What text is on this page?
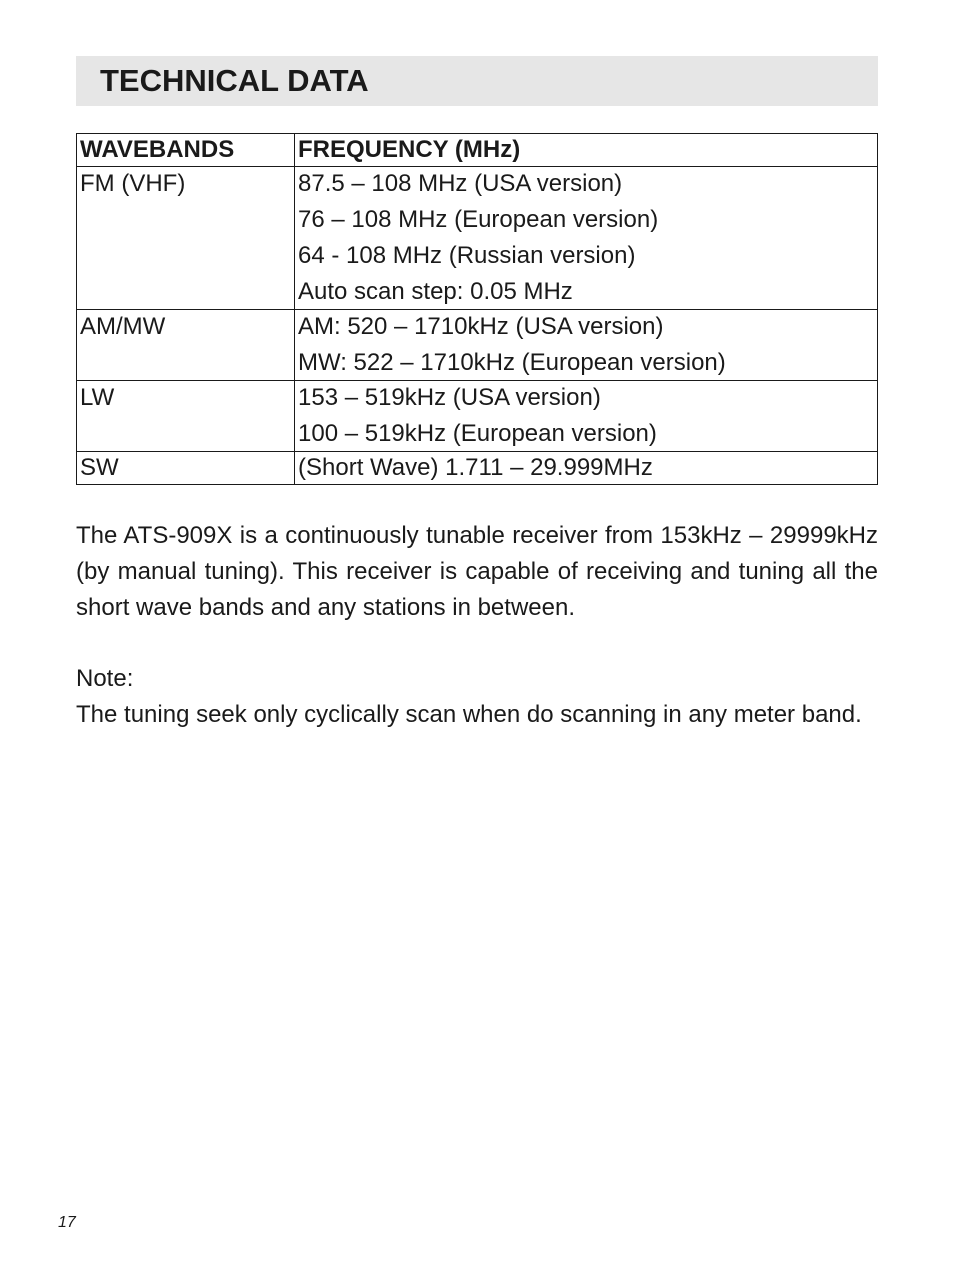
TECHNICAL DATA
WAVEBANDS	FREQUENCY (MHz)

FM (VHF)	87.5 – 108 MHz (USA version)
76 – 108 MHz (European version)
64 - 108 MHz (Russian version)
Auto scan step: 0.05 MHz

AM/MW	AM: 520 – 1710kHz (USA version)
MW: 522 – 1710kHz (European version)

LW	153 – 519kHz (USA version)
100 – 519kHz (European version)

SW	(Short Wave) 1.711 – 29.999MHz

The ATS-909X is a continuously tunable receiver from 153kHz – 29999kHz (by manual tuning). This receiver is capable of receiving and tuning all the short wave bands and any stations in between.

Note:

The tuning seek only cyclically scan when do scanning in any meter band.

17
